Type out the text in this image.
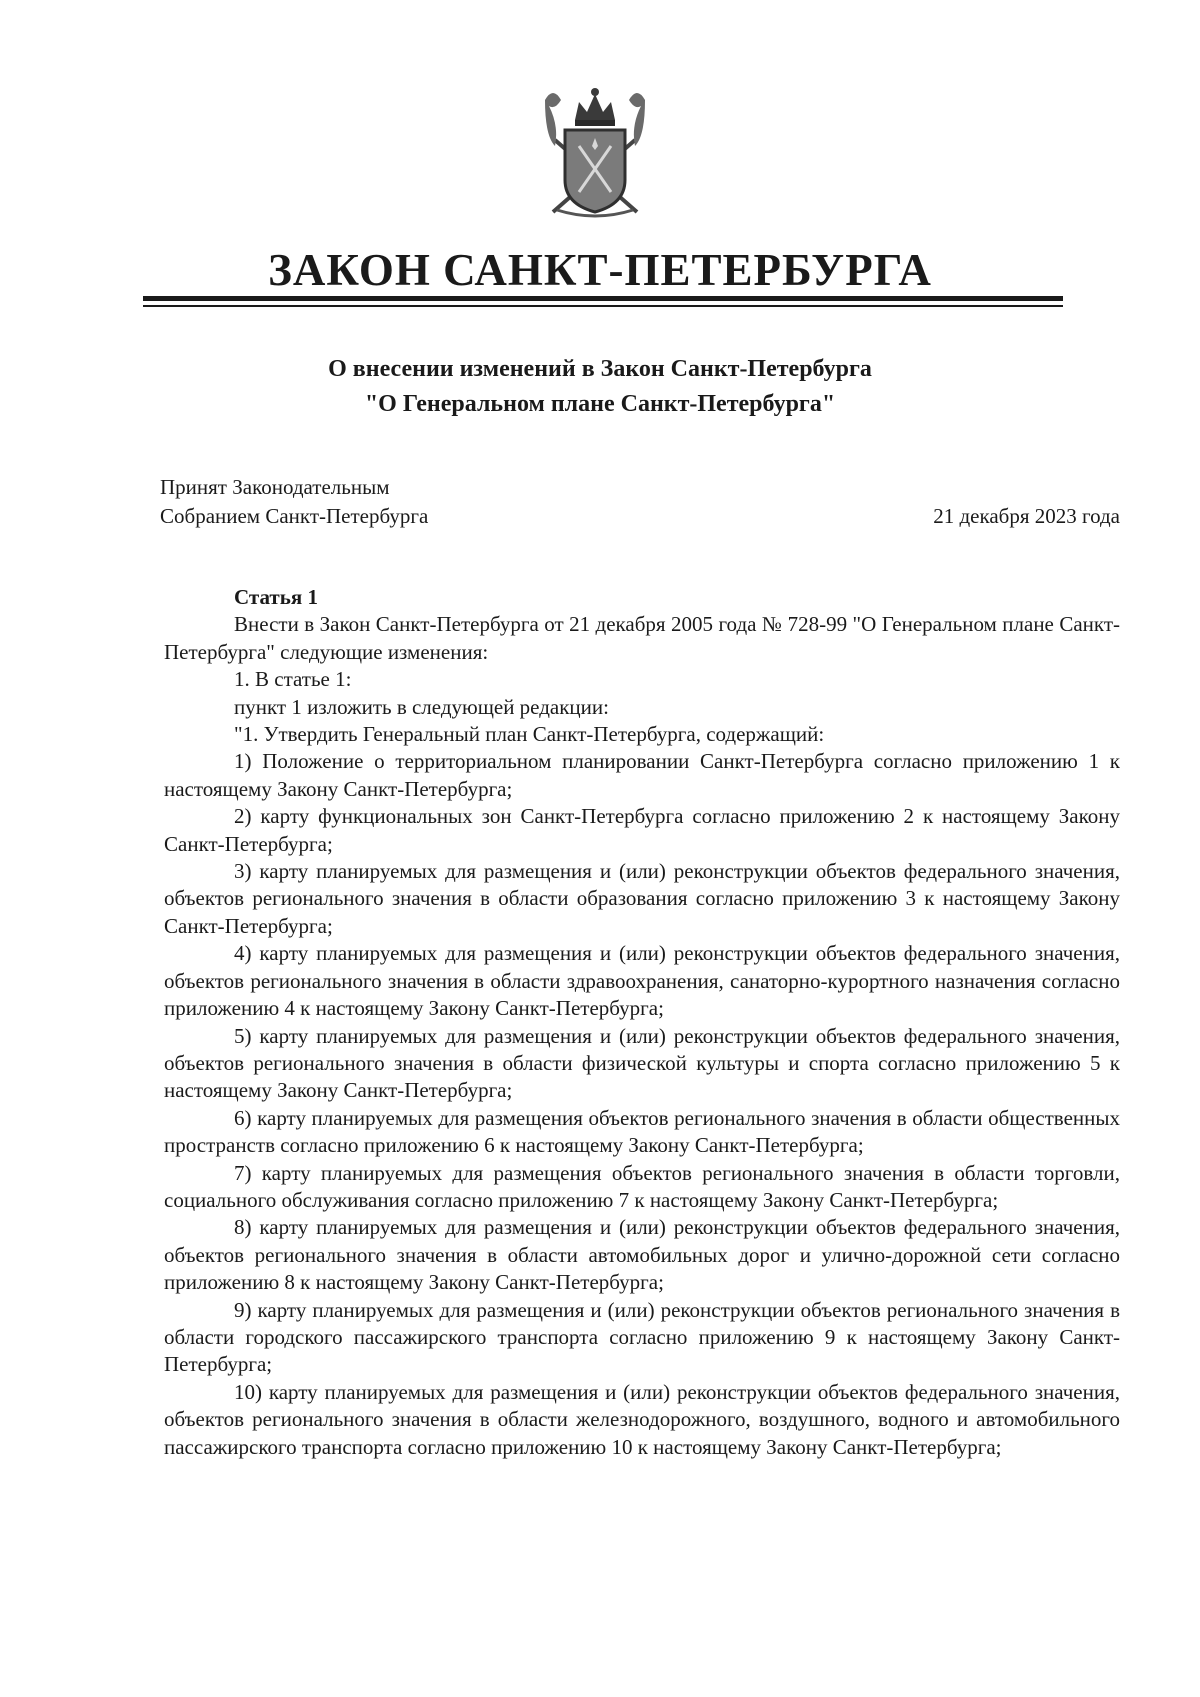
ЗАКОН САНКТ-ПЕТЕРБУРГА
О внесении изменений в Закон Санкт-Петербурга
"О Генеральном плане Санкт-Петербурга"
Принят Законодательным
Собранием Санкт-Петербурга	21 декабря 2023 года

Статья 1

Внести в Закон Санкт-Петербурга от 21 декабря 2005 года № 728-99 "О Генеральном плане Санкт-Петербурга" следующие изменения:

1. В статье 1:

пункт 1 изложить в следующей редакции:

"1. Утвердить Генеральный план Санкт-Петербурга, содержащий:

1) Положение о территориальном планировании Санкт-Петербурга согласно приложению 1 к настоящему Закону Санкт-Петербурга;

2) карту функциональных зон Санкт-Петербурга согласно приложению 2 к настоящему Закону Санкт-Петербурга;

3) карту планируемых для размещения и (или) реконструкции объектов федерального значения, объектов регионального значения в области образования согласно приложению 3 к настоящему Закону Санкт-Петербурга;

4) карту планируемых для размещения и (или) реконструкции объектов федерального значения, объектов регионального значения в области здравоохранения, санаторно-курортного назначения согласно приложению 4 к настоящему Закону Санкт-Петербурга;

5) карту планируемых для размещения и (или) реконструкции объектов федерального значения, объектов регионального значения в области физической культуры и спорта согласно приложению 5 к настоящему Закону Санкт-Петербурга;

6) карту планируемых для размещения объектов регионального значения в области общественных пространств согласно приложению 6 к настоящему Закону Санкт-Петербурга;

7) карту планируемых для размещения объектов регионального значения в области торговли, социального обслуживания согласно приложению 7 к настоящему Закону Санкт-Петербурга;

8) карту планируемых для размещения и (или) реконструкции объектов федерального значения, объектов регионального значения в области автомобильных дорог и улично-дорожной сети согласно приложению 8 к настоящему Закону Санкт-Петербурга;

9) карту планируемых для размещения и (или) реконструкции объектов регионального значения в области городского пассажирского транспорта согласно приложению 9 к настоящему Закону Санкт-Петербурга;

10) карту планируемых для размещения и (или) реконструкции объектов федерального значения, объектов регионального значения в области железнодорожного, воздушного, водного и автомобильного пассажирского транспорта согласно приложению 10 к настоящему Закону Санкт-Петербурга;
